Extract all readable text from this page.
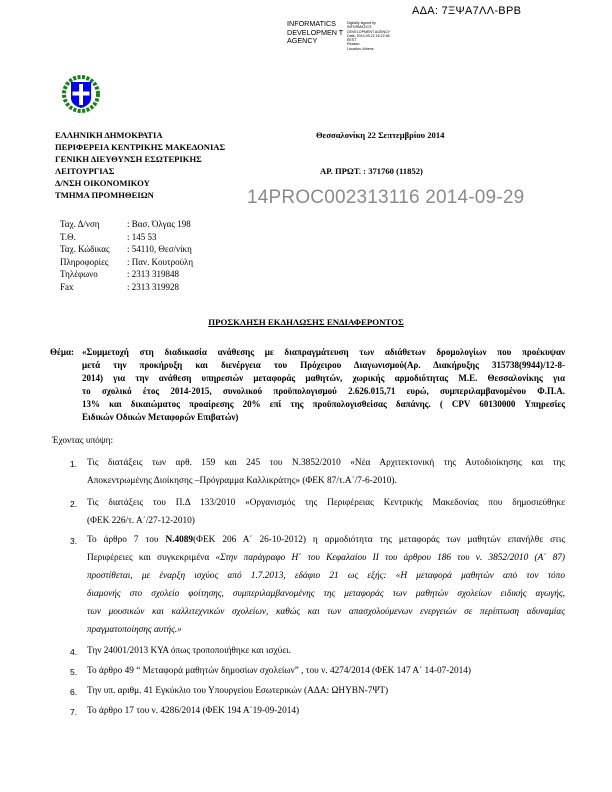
ΑΔΑ: 7ΞΨΑ7ΛΛ-ΒΡΒ
INFORMATICS DEVELOPMEN T AGENCY
Digitally signed by
INFORMATICS
DEVELOPMENT AGENCY
Date: 2014.09.22 16:22:46
EEST
Reason:
Location: Athens
ΕΛΛΗΝΙΚΗ ΔΗΜΟΚΡΑΤΙΑ
ΠΕΡΙΦΕΡΕΙΑ ΚΕΝΤΡΙΚΗΣ ΜΑΚΕΔΟΝΙΑΣ
ΓΕΝΙΚΗ ΔΙΕΥΘΥΝΣΗ ΕΣΩΤΕΡΙΚΗΣ
ΛΕΙΤΟΥΡΓΙΑΣ
Δ/ΝΣΗ ΟΙΚΟΝΟΜΙΚΟΥ
ΤΜΗΜΑ ΠΡΟΜΗΘΕΙΩΝ
Θεσσαλονίκη 22 Σεπτεμβρίου 2014
ΑΡ. ΠΡΩΤ. : 371760 (11852)
14PROC002313116 2014-09-29
Ταχ. Δ/νση	: Βασ. Όλγας 198
Τ.Θ.	: 145 53
Ταχ. Κώδικας : 54110, Θεσ/νίκη
Πληροφορίες : Παν. Κουτρούλη
Τηλέφωνο	: 2313 319848
Fax	: 2313 319928
ΠΡΟΣΚΛΗΣΗ ΕΚΔΗΛΩΣΗΣ ΕΝΔΙΑΦΕΡΟΝΤΟΣ
Θέμα: «Συμμετοχή στη διαδικασία ανάθεσης με διαπραγμάτευση των αδιάθετων δρομολογίων που προέκυψαν
μετά την προκήρυξη και διενέργεια του Πρόχειρου Διαγωνισμού(Αρ. Διακήρυξης 315738(9944)/12-8-
2014) για την ανάθεση υπηρεσιών μεταφοράς μαθητών, χωρικής αρμοδιότητας Μ.Ε. Θεσσαλονίκης για
το σχολικό έτος 2014-2015, συνολικού προϋπολογισμού 2.626.015,71 ευρώ, συμπεριλαμβανομένου Φ.Π.Α.
13% και δικαιώματος προαίρεσης 20% επί της προϋπολογισθείσας δαπάνης. ( CPV 60130000 Υπηρεσίες
Ειδικών Οδικών Μεταφορών Επιβατών)
Έχοντας υπόψη:
1. Τις διατάξεις των αρθ. 159 και 245 του Ν.3852/2010 «Νέα Αρχιτεκτονική της Αυτοδιοίκησης και της
Αποκεντρωμένης Διοίκησης –Πρόγραμμα Καλλικράτης» (ΦΕΚ 87/τ.Α΄/7-6-2010).
2. Τις διατάξεις του Π.Δ 133/2010 «Οργανισμός της Περιφέρειας Κεντρικής Μακεδονίας που δημοσιεύθηκε
(ΦΕΚ 226/τ. Α΄/27-12-2010)
3. Το άρθρο 7 του Ν.4089(ΦΕΚ 206 Α΄ 26-10-2012) η αρμοδιότητα της μεταφοράς των μαθητών επανήλθε στις
Περιφέρειες και συγκεκριμένα «Στην παράγραφο Η΄ του Κεφαλαίου ΙΙ του άρθρου 186 του ν. 3852/2010 (Α΄ 87)
προστίθεται, με έναρξη ισχύος από 1.7.2013, εδάφιο 21 ως εξής: «Η μεταφορά μαθητών από τον τόπο
διαμονής στο σχολείο φοίτησης, συμπεριλαμβανομένης της μεταφοράς των μαθητών σχολείων ειδικής αγωγής,
των μουσικών και καλλιτεχνικών σχολείων, καθώς και των απασχολούμενων ενεργειών σε περίπτωση αδυναμίας
πραγματοποίησης αυτής.»
4. Την 24001/2013 ΚΥΑ όπως τροποποιήθηκε και ισχύει.
5. Το άρθρο 49 “ Μεταφορά μαθητών δημοσίων σχολείων” , του ν. 4274/2014 (ΦΕΚ 147 Α΄ 14-07-2014)
6. Την υπ. αριθμ. 41 Εγκύκλιο του Υπουργείου Εσωτερικών (ΑΔΑ: ΩΗΥΒΝ-7ΨΤ)
7. Το άρθρο 17 του ν. 4286/2014 (ΦΕΚ 194 Α΄19-09-2014)
